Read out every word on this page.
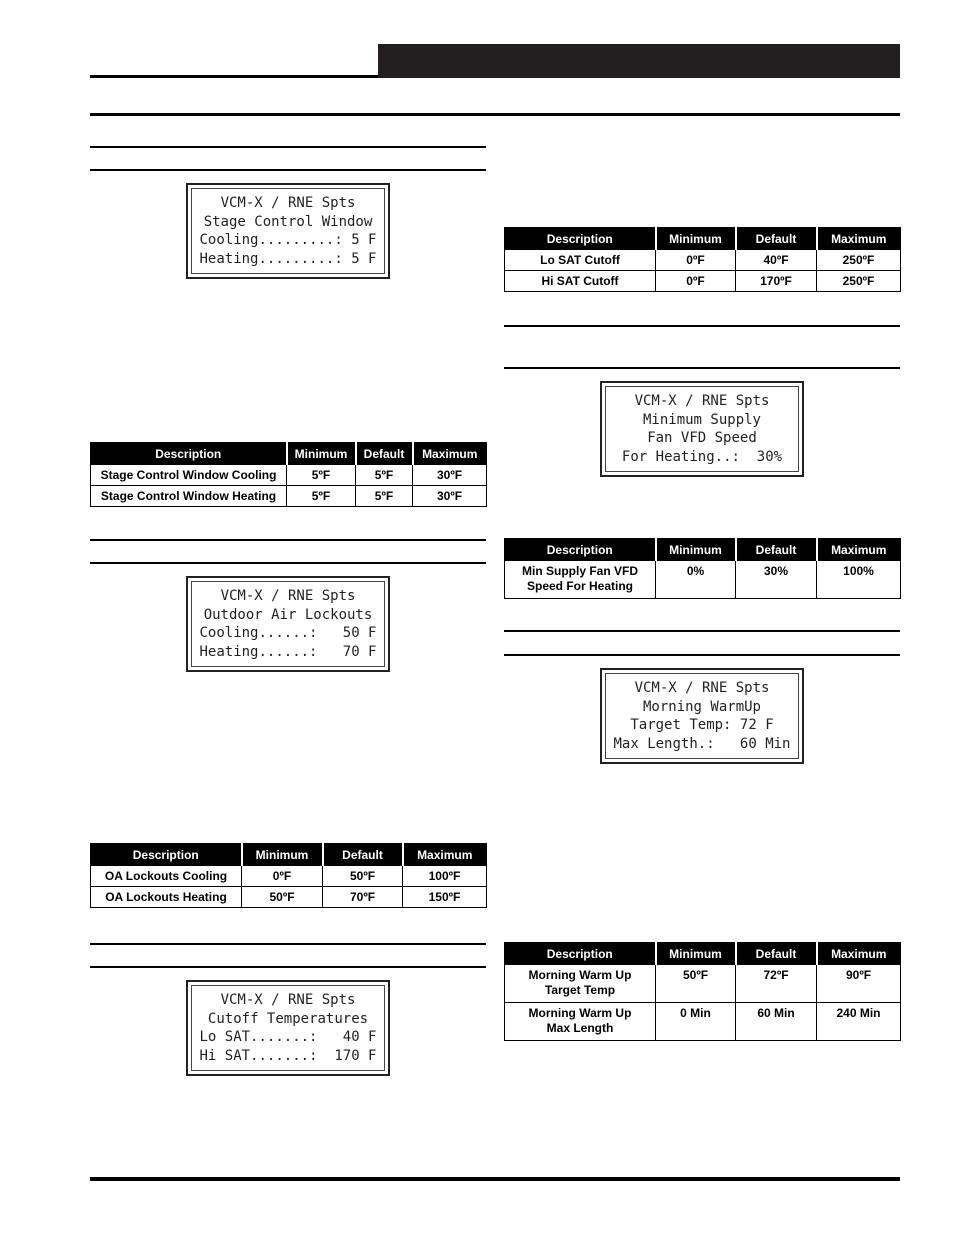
VCM-X / RNE Spts
Stage Control Window
Cooling.........: 5 F
Heating.........: 5 F
Description	Minimum	Default	Maximum
Stage Control Window Cooling	5ºF	5ºF	30ºF
Stage Control Window Heating	5ºF	5ºF	30ºF
VCM-X / RNE Spts
Outdoor Air Lockouts
Cooling......:   50 F
Heating......:   70 F
Description	Minimum	Default	Maximum
OA Lockouts Cooling	0ºF	50ºF	100ºF
OA Lockouts Heating	50ºF	70ºF	150ºF
VCM-X / RNE Spts
Cutoff Temperatures
Lo SAT.......:   40 F
Hi SAT.......:  170 F
Description	Minimum	Default	Maximum
Lo SAT Cutoff	0ºF	40ºF	250ºF
Hi SAT Cutoff	0ºF	170ºF	250ºF
VCM-X / RNE Spts
Minimum Supply
Fan VFD Speed
For Heating..:  30%
Description	Minimum	Default	Maximum
Min Supply Fan VFD
Speed For Heating	0%	30%	100%
VCM-X / RNE Spts
Morning WarmUp
Target Temp: 72 F
Max Length.:   60 Min
Description	Minimum	Default	Maximum
Morning Warm Up
Target Temp	50ºF	72ºF	90ºF
Morning Warm Up
Max Length	0 Min	60 Min	240 Min
